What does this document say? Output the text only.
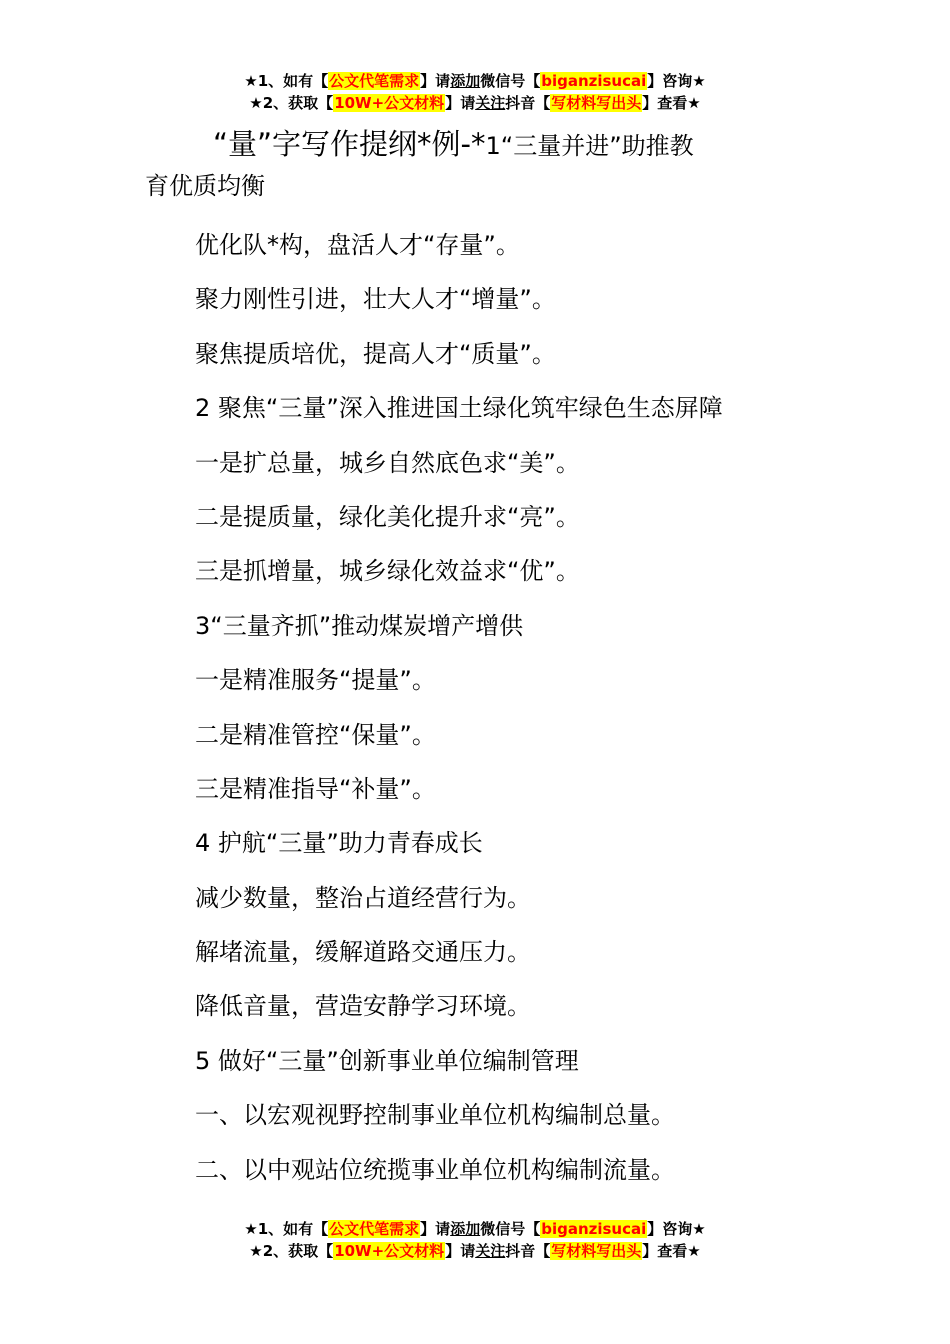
★1、如有【公文代笔需求】请添加微信号【biganzisucai】咨询★
★2、获取【10W+公文材料】请关注抖音【写材料写出头】查看★
“量”字写作提纲*例-*1“三量并进”助推教
育优质均衡
优化队*构，盘活人才“存量”。
聚力刚性引进，壮大人才“增量”。
聚焦提质培优，提高人才“质量”。
2 聚焦“三量”深入推进国土绿化筑牢绿色生态屏障
一是扩总量，城乡自然底色求“美”。
二是提质量，绿化美化提升求“亮”。
三是抓增量，城乡绿化效益求“优”。
3“三量齐抓”推动煤炭增产增供
一是精准服务“提量”。
二是精准管控“保量”。
三是精准指导“补量”。
4 护航“三量”助力青春成长
减少数量，整治占道经营行为。
解堵流量，缓解道路交通压力。
降低音量，营造安静学习环境。
5 做好“三量”创新事业单位编制管理
一、以宏观视野控制事业单位机构编制总量。
二、以中观站位统揽事业单位机构编制流量。
★1、如有【公文代笔需求】请添加微信号【biganzisucai】咨询★
★2、获取【10W+公文材料】请关注抖音【写材料写出头】查看★
